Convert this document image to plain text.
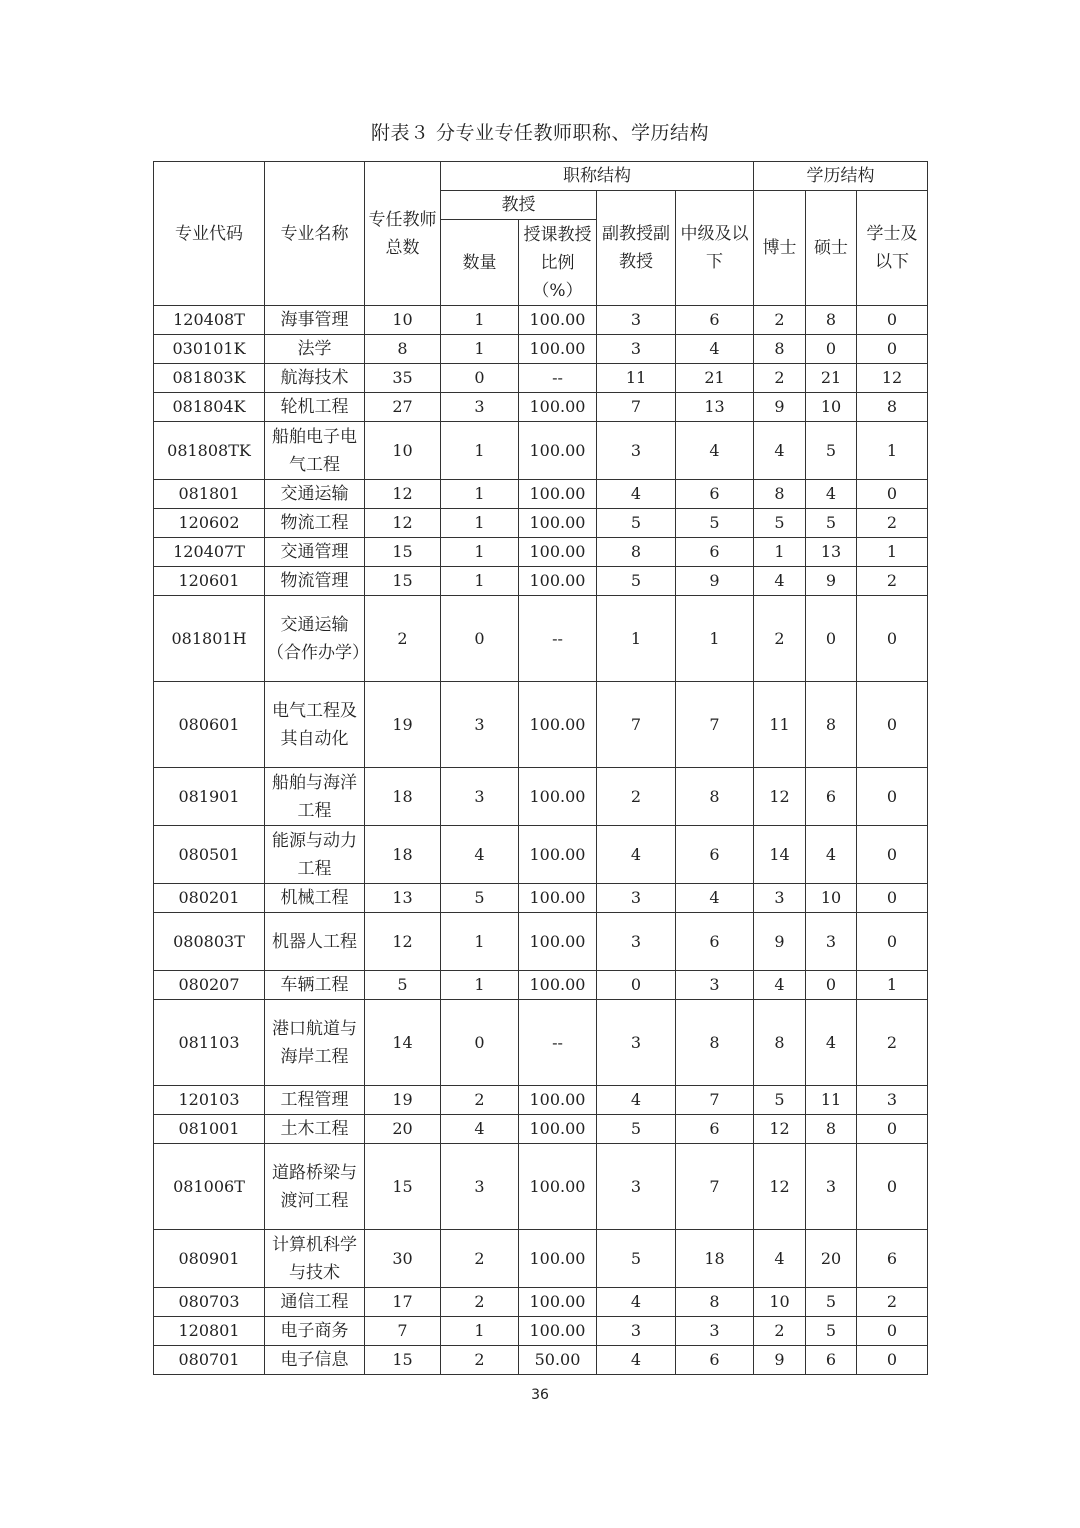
附表３ 分专业专任教师职称、学历结构
专业代码	专业名称	专任教师总数	职称结构				学历结构		
			教授		副教授副教授	中级及以下	博士	硕士	学士及以下
			数量	授课教授比例（%）					
120408T	海事管理	10	1	100.00	3	6	2	8	0
030101K	法学	8	1	100.00	3	4	8	0	0
081803K	航海技术	35	0	--	11	21	2	21	12
081804K	轮机工程	27	3	100.00	7	13	9	10	8
081808TK	船舶电子电气工程	10	1	100.00	3	4	4	5	1
081801	交通运输	12	1	100.00	4	6	8	4	0
120602	物流工程	12	1	100.00	5	5	5	5	2
120407T	交通管理	15	1	100.00	8	6	1	13	1
120601	物流管理	15	1	100.00	5	9	4	9	2
081801H	交通运输（合作办学）	2	0	--	1	1	2	0	0
080601	电气工程及其自动化	19	3	100.00	7	7	11	8	0
081901	船舶与海洋工程	18	3	100.00	2	8	12	6	0
080501	能源与动力工程	18	4	100.00	4	6	14	4	0
080201	机械工程	13	5	100.00	3	4	3	10	0
080803T	机器人工程	12	1	100.00	3	6	9	3	0
080207	车辆工程	5	1	100.00	0	3	4	0	1
081103	港口航道与海岸工程	14	0	--	3	8	8	4	2
120103	工程管理	19	2	100.00	4	7	5	11	3
081001	土木工程	20	4	100.00	5	6	12	8	0
081006T	道路桥梁与渡河工程	15	3	100.00	3	7	12	3	0
080901	计算机科学与技术	30	2	100.00	5	18	4	20	6
080703	通信工程	17	2	100.00	4	8	10	5	2
120801	电子商务	7	1	100.00	3	3	2	5	0
080701	电子信息	15	2	50.00	4	6	9	6	0
36
